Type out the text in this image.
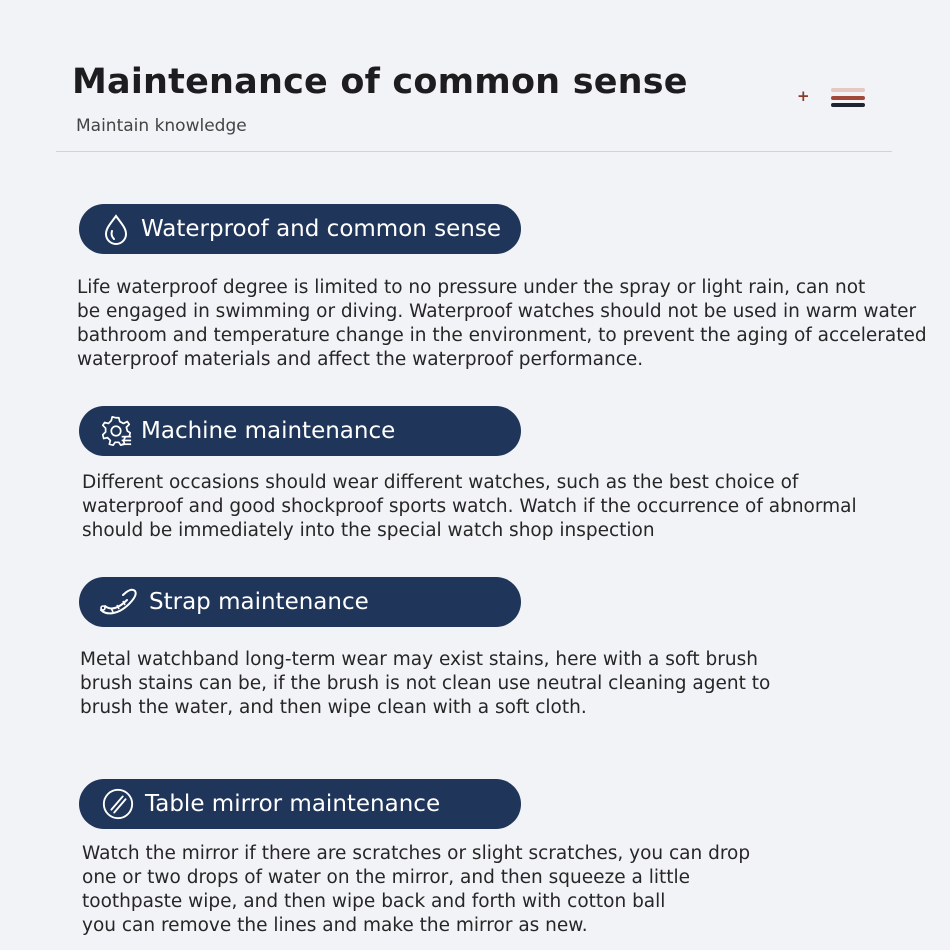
Maintenance of common sense
Maintain knowledge
+
Waterproof and common sense
Life waterproof degree is limited to no pressure under the spray or light rain, can not
be engaged in swimming or diving. Waterproof watches should not be used in warm water
bathroom and temperature change in the environment, to prevent the aging of accelerated
waterproof materials and affect the waterproof performance.
Machine maintenance
Different occasions should wear different watches, such as the best choice of
waterproof and good shockproof sports watch. Watch if the occurrence of abnormal
should be immediately into the special watch shop inspection
Strap maintenance
Metal watchband long-term wear may exist stains, here with a soft brush
brush stains can be, if the brush is not clean use neutral cleaning agent to
brush the water, and then wipe clean with a soft cloth.
Table mirror maintenance
Watch the mirror if there are scratches or slight scratches, you can drop
one or two drops of water on the mirror, and then squeeze a little
toothpaste wipe, and then wipe back and forth with cotton ball
you can remove the lines and make the mirror as new.
